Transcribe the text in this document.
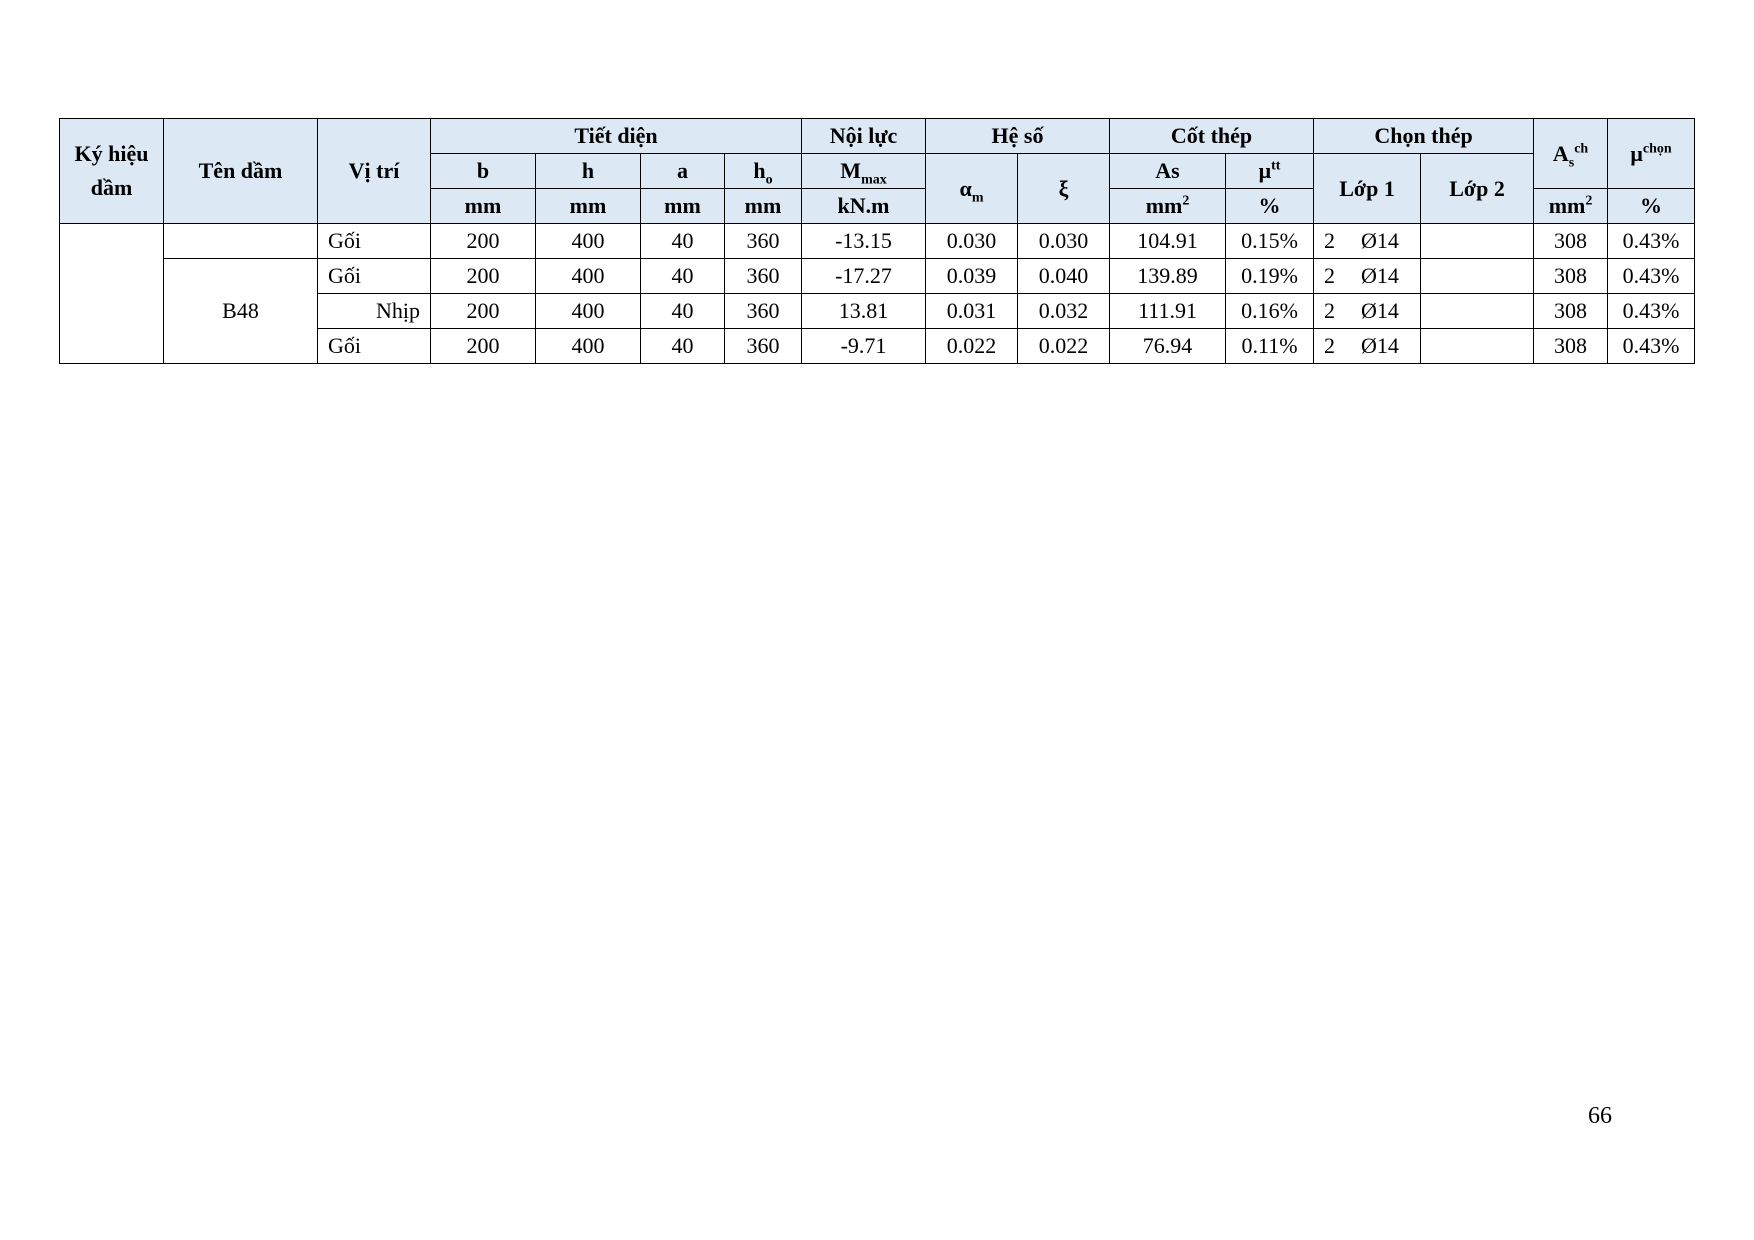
Ký hiệu dầm	Tên dầm	Vị trí	Tiết diện				Nội lực	Hệ số		Cốt thép		Chọn thép		$A_s^{ch}$	$\mu^{chọn}$
			b	h	a	$h_o$	$M_{max}$	$\alpha_m$	ξ	As	$\mu^{tt}$	Lớp 1	Lớp 2		
			mm	mm	mm	mm	kN.m			$mm^2$	%			$mm^2$	%
		Gối	200	400	40	360	-13.15	0.030	0.030	104.91	0.15%	2 Ø14		308	0.43%
	B48	Gối	200	400	40	360	-17.27	0.039	0.040	139.89	0.19%	2 Ø14		308	0.43%
		Nhịp	200	400	40	360	13.81	0.031	0.032	111.91	0.16%	2 Ø14		308	0.43%
		Gối	200	400	40	360	-9.71	0.022	0.022	76.94	0.11%	2 Ø14		308	0.43%
66
